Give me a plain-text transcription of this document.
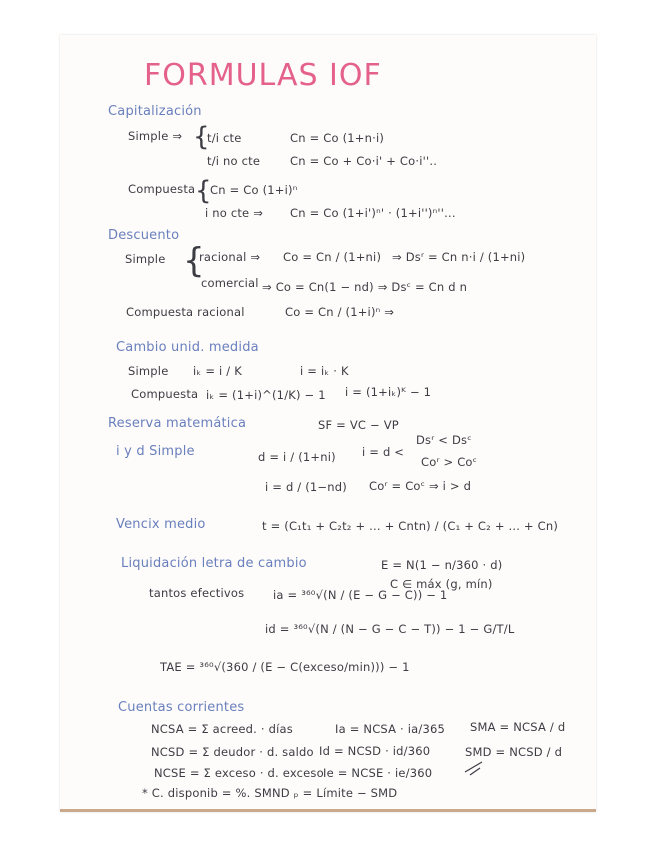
FORMULAS IOF
Capitalización
Simple ⇒ {
t/i cte	Cn = Co (1+n·i)
t/i no cte	Cn = Co + Co·i' + Co·i''..
Compuesta {
Cn = Co (1+i)ⁿ
i no cte ⇒ Cn = Co (1+i')ⁿ' · (1+i'')ⁿ''...
Descuento
Simple {
racional ⇒ Co = Cn / (1+ni) ⇒ Dsʳ = Cn n·i / (1+ni)
comercial ⇒ Co = Cn(1 − nd) ⇒ Dsᶜ = Cn d n
Compuesta racional	Co = Cn / (1+i)ⁿ ⇒
Cambio unid. medida
Simple iₖ = i / K	i = iₖ · K
Compuesta iₖ = (1+i)^(1/K) − 1 i = (1+iₖ)ᴷ − 1
Reserva matemática	SF = VC − VP
i y d Simple	d = i / (1+ni) i = d <
Dsʳ < Dsᶜ
Coʳ > Coᶜ
i = d / (1−nd) Coʳ = Coᶜ ⇒ i > d
Vencix medio	t = (C₁t₁ + C₂t₂ + ... + Cntn) / (C₁ + C₂ + ... + Cn)
Liquidación letra de cambio	E = N(1 − n/360 · d)
tantos efectivos ia = ³⁶⁰√(N / (E − G − C)) − 1
C ∈ máx (g, mín)
id = ³⁶⁰√(N / (N − G − C − T)) − 1 − G/T/L
TAE = ³⁶⁰√(360 / (E − C(exceso/min))) − 1
Cuentas corrientes
NCSA = Σ acreed. · días	Ia = NCSA · ia/365 SMA = NCSA / d
NCSD = Σ deudor · d. saldo Id = NCSD · id/360	SMD = NCSD / d
NCSE = Σ exceso · d. exceso Ie = NCSE · ie/360
* C. disponib = %. SMND ₚ = Límite − SMD
